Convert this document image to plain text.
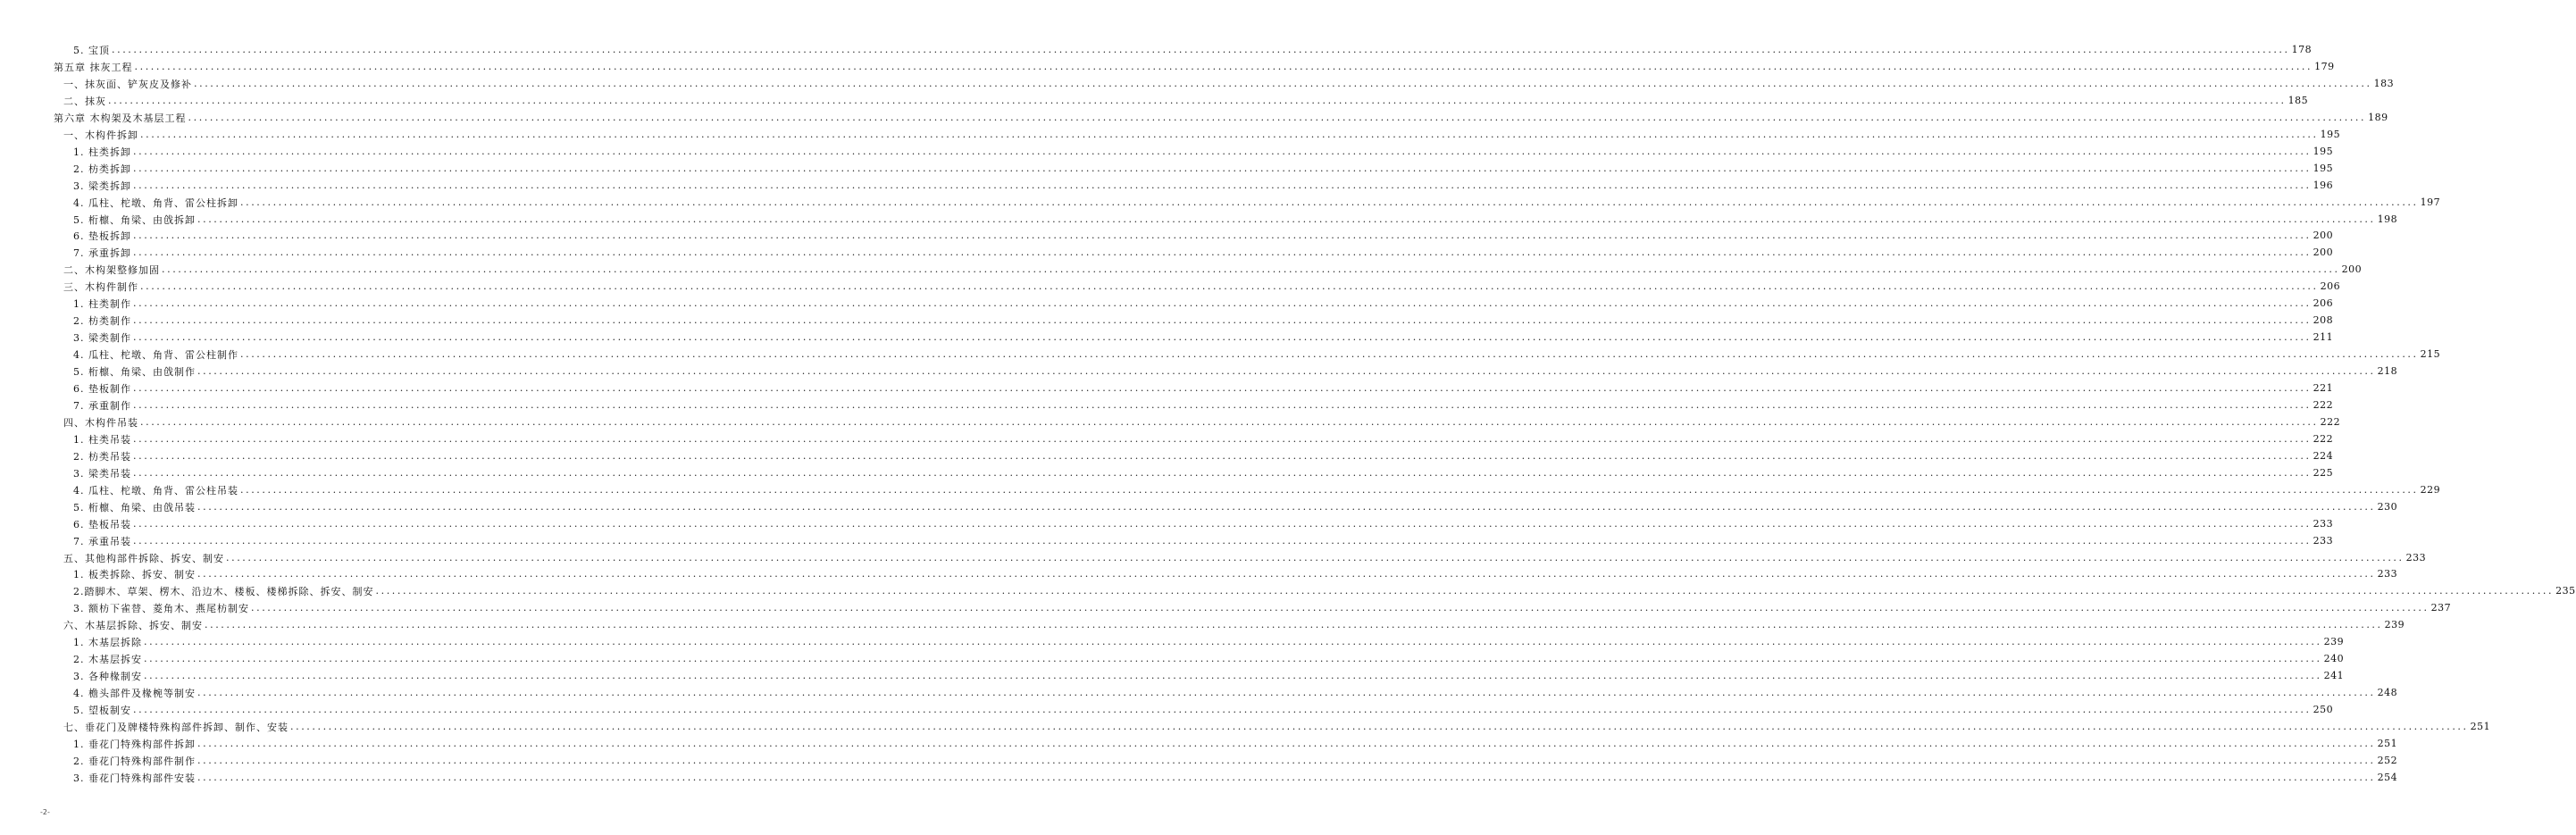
5. 宝顶 ................................................................................................................................................................................................................................................................................................................................................................................................................ 178
第五章 抹灰工程 ................................................................................................................................................................................................................................................................................................................................................................................................................ 179
一、抹灰面、铲灰皮及修补 ................................................................................................................................................................................................................................................................................................................................................................................................................ 183
二、抹灰 ................................................................................................................................................................................................................................................................................................................................................................................................................ 185
第六章 木构架及木基层工程 ................................................................................................................................................................................................................................................................................................................................................................................................................ 189
一、木构件拆卸 ................................................................................................................................................................................................................................................................................................................................................................................................................ 195
1. 柱类拆卸 ................................................................................................................................................................................................................................................................................................................................................................................................................ 195
2. 枋类拆卸 ................................................................................................................................................................................................................................................................................................................................................................................................................ 195
3. 梁类拆卸 ................................................................................................................................................................................................................................................................................................................................................................................................................ 196
4. 瓜柱、柁墩、角背、雷公柱拆卸 ................................................................................................................................................................................................................................................................................................................................................................................................................ 197
5. 桁檩、角梁、由戗拆卸 ................................................................................................................................................................................................................................................................................................................................................................................................................ 198
6. 垫板拆卸 ................................................................................................................................................................................................................................................................................................................................................................................................................ 200
7. 承重拆卸 ................................................................................................................................................................................................................................................................................................................................................................................................................ 200
二、木构架整修加固 ................................................................................................................................................................................................................................................................................................................................................................................................................ 200
三、木构件制作 ................................................................................................................................................................................................................................................................................................................................................................................................................ 206
1. 柱类制作 ................................................................................................................................................................................................................................................................................................................................................................................................................ 206
2. 枋类制作 ................................................................................................................................................................................................................................................................................................................................................................................................................ 208
3. 梁类制作 ................................................................................................................................................................................................................................................................................................................................................................................................................ 211
4. 瓜柱、柁墩、角背、雷公柱制作 ................................................................................................................................................................................................................................................................................................................................................................................................................ 215
5. 桁檩、角梁、由戗制作 ................................................................................................................................................................................................................................................................................................................................................................................................................ 218
6. 垫板制作 ................................................................................................................................................................................................................................................................................................................................................................................................................ 221
7. 承重制作 ................................................................................................................................................................................................................................................................................................................................................................................................................ 222
四、木构件吊装 ................................................................................................................................................................................................................................................................................................................................................................................................................ 222
1. 柱类吊装 ................................................................................................................................................................................................................................................................................................................................................................................................................ 222
2. 枋类吊装 ................................................................................................................................................................................................................................................................................................................................................................................................................ 224
3. 梁类吊装 ................................................................................................................................................................................................................................................................................................................................................................................................................ 225
4. 瓜柱、柁墩、角背、雷公柱吊装 ................................................................................................................................................................................................................................................................................................................................................................................................................ 229
5. 桁檩、角梁、由戗吊装 ................................................................................................................................................................................................................................................................................................................................................................................................................ 230
6. 垫板吊装 ................................................................................................................................................................................................................................................................................................................................................................................................................ 233
7. 承重吊装 ................................................................................................................................................................................................................................................................................................................................................................................................................ 233
五、其他构部件拆除、拆安、制安 ................................................................................................................................................................................................................................................................................................................................................................................................................ 233
1. 板类拆除、拆安、制安 ................................................................................................................................................................................................................................................................................................................................................................................................................ 233
2.踏脚木、草架、楞木、沿边木、楼板、楼梯拆除、拆安、制安 ................................................................................................................................................................................................................................................................................................................................................................................................................ 235
3. 额枋下雀替、菱角木、燕尾枋制安 ................................................................................................................................................................................................................................................................................................................................................................................................................ 237
六、木基层拆除、拆安、制安 ................................................................................................................................................................................................................................................................................................................................................................................................................ 239
1. 木基层拆除 ................................................................................................................................................................................................................................................................................................................................................................................................................ 239
2. 木基层拆安 ................................................................................................................................................................................................................................................................................................................................................................................................................ 240
3. 各种椽制安 ................................................................................................................................................................................................................................................................................................................................................................................................................ 241
4. 檐头部件及椽椀等制安 ................................................................................................................................................................................................................................................................................................................................................................................................................ 248
5. 望板制安 ................................................................................................................................................................................................................................................................................................................................................................................................................ 250
七、垂花门及牌楼特殊构部件拆卸、制作、安装 ................................................................................................................................................................................................................................................................................................................................................................................................................ 251
1. 垂花门特殊构部件拆卸 ................................................................................................................................................................................................................................................................................................................................................................................................................ 251
2. 垂花门特殊构部件制作 ................................................................................................................................................................................................................................................................................................................................................................................................................ 252
3. 垂花门特殊构部件安装 ................................................................................................................................................................................................................................................................................................................................................................................................................ 254
-2-
